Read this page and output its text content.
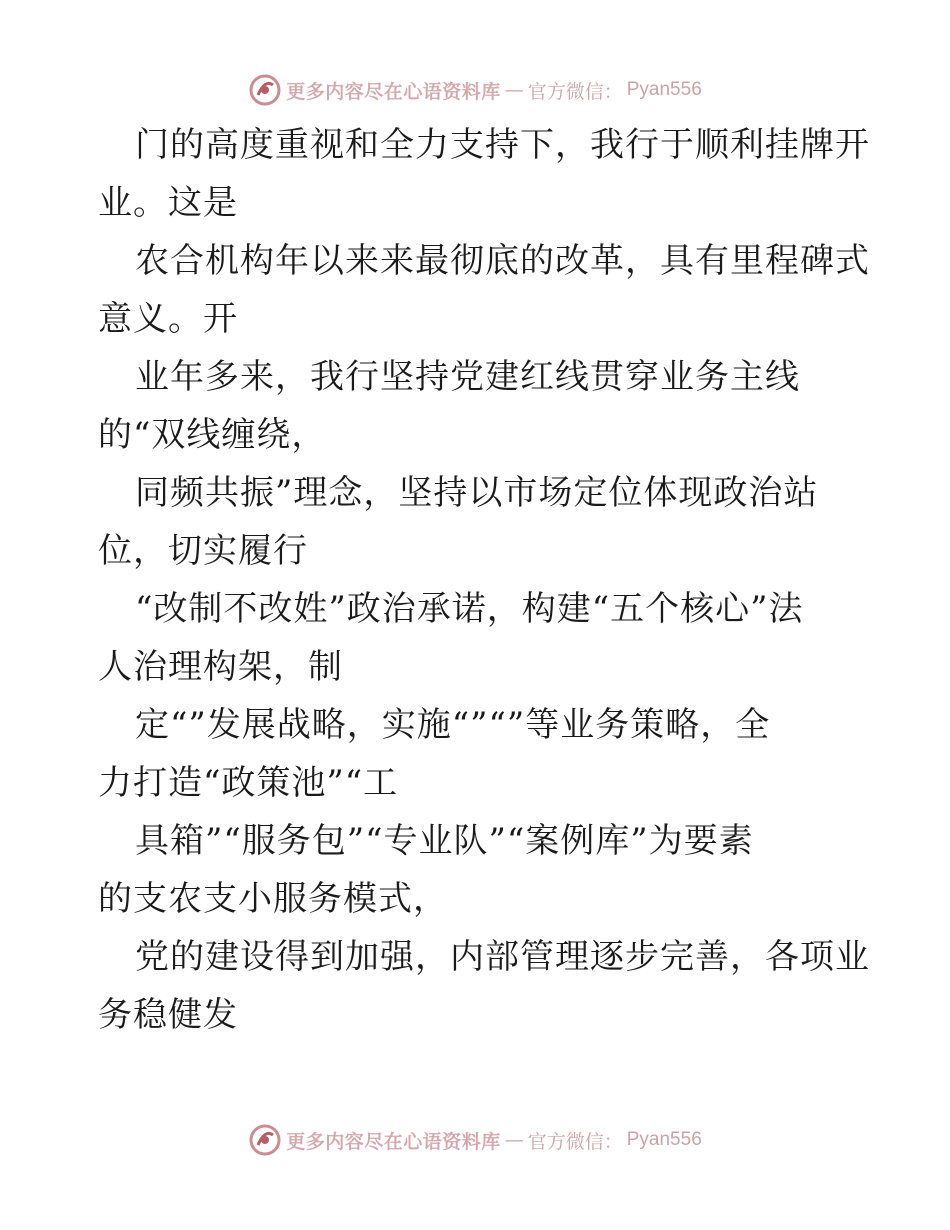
更多内容尽在心语资料库 — 官方微信： Pyan556
门的高度重视和全力支持下，我行于顺利挂牌开
业。这是
农合机构年以来来最彻底的改革，具有里程碑式
意义。开
业年多来，我行坚持党建红线贯穿业务主线
的“双线缠绕，
同频共振”理念，坚持以市场定位体现政治站
位，切实履行
“改制不改姓”政治承诺，构建“五个核心”法
人治理构架，制
定“”发展战略，实施“”“”等业务策略，全
力打造“政策池”“工
具箱”“服务包”“专业队”“案例库”为要素
的支农支小服务模式，
党的建设得到加强，内部管理逐步完善，各项业
务稳健发
更多内容尽在心语资料库 — 官方微信： Pyan556
